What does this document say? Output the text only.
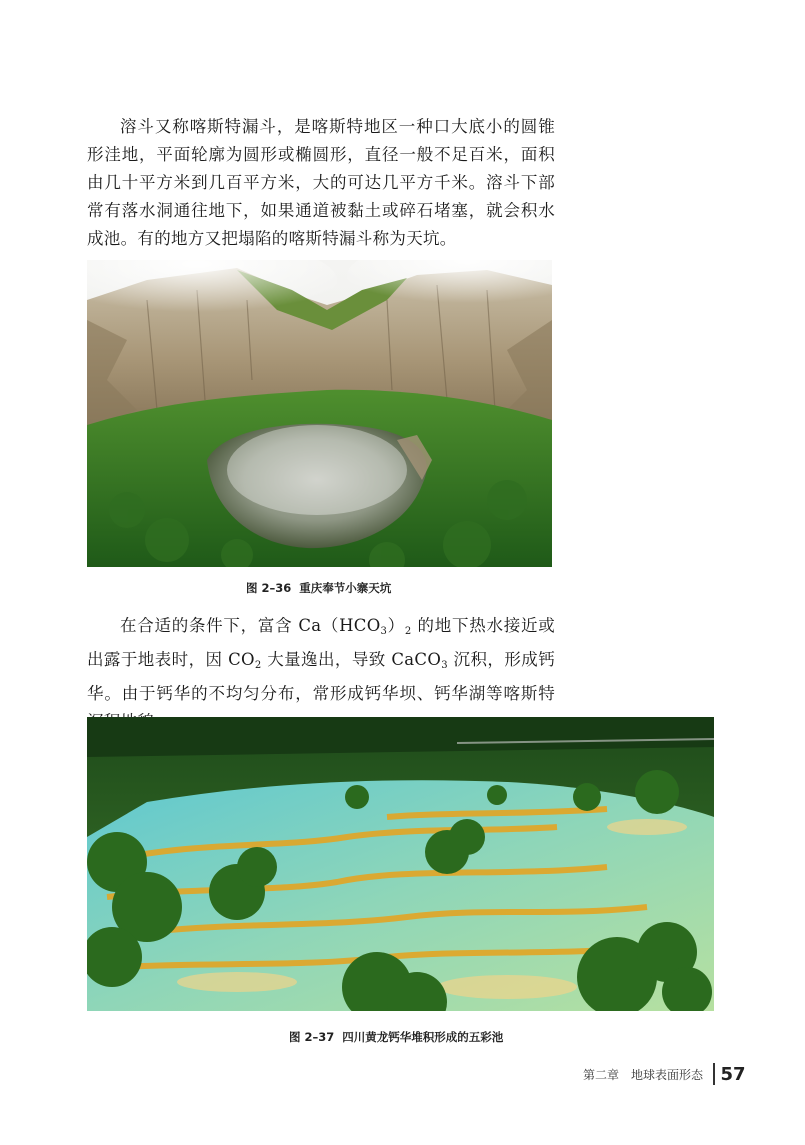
溶斗又称喀斯特漏斗，是喀斯特地区一种口大底小的圆锥形洼地，平面轮廓为圆形或椭圆形，直径一般不足百米，面积由几十平方米到几百平方米，大的可达几平方千米。溶斗下部常有落水洞通往地下，如果通道被黏土或碎石堵塞，就会积水成池。有的地方又把塌陷的喀斯特漏斗称为天坑。

图 2–36 重庆奉节小寨天坑

在合适的条件下，富含 $Ca(HCO_3)_2$ 的地下热水接近或出露于地表时，因 $CO_2$ 大量逸出，导致 CaCO$_3$ 沉积，形成钙华。由于钙华的不均匀分布，常形成钙华坝、钙华湖等喀斯特

图 2–37 四川黄龙钙华堆积形成的五彩池
第二章　地球表面形态 57
